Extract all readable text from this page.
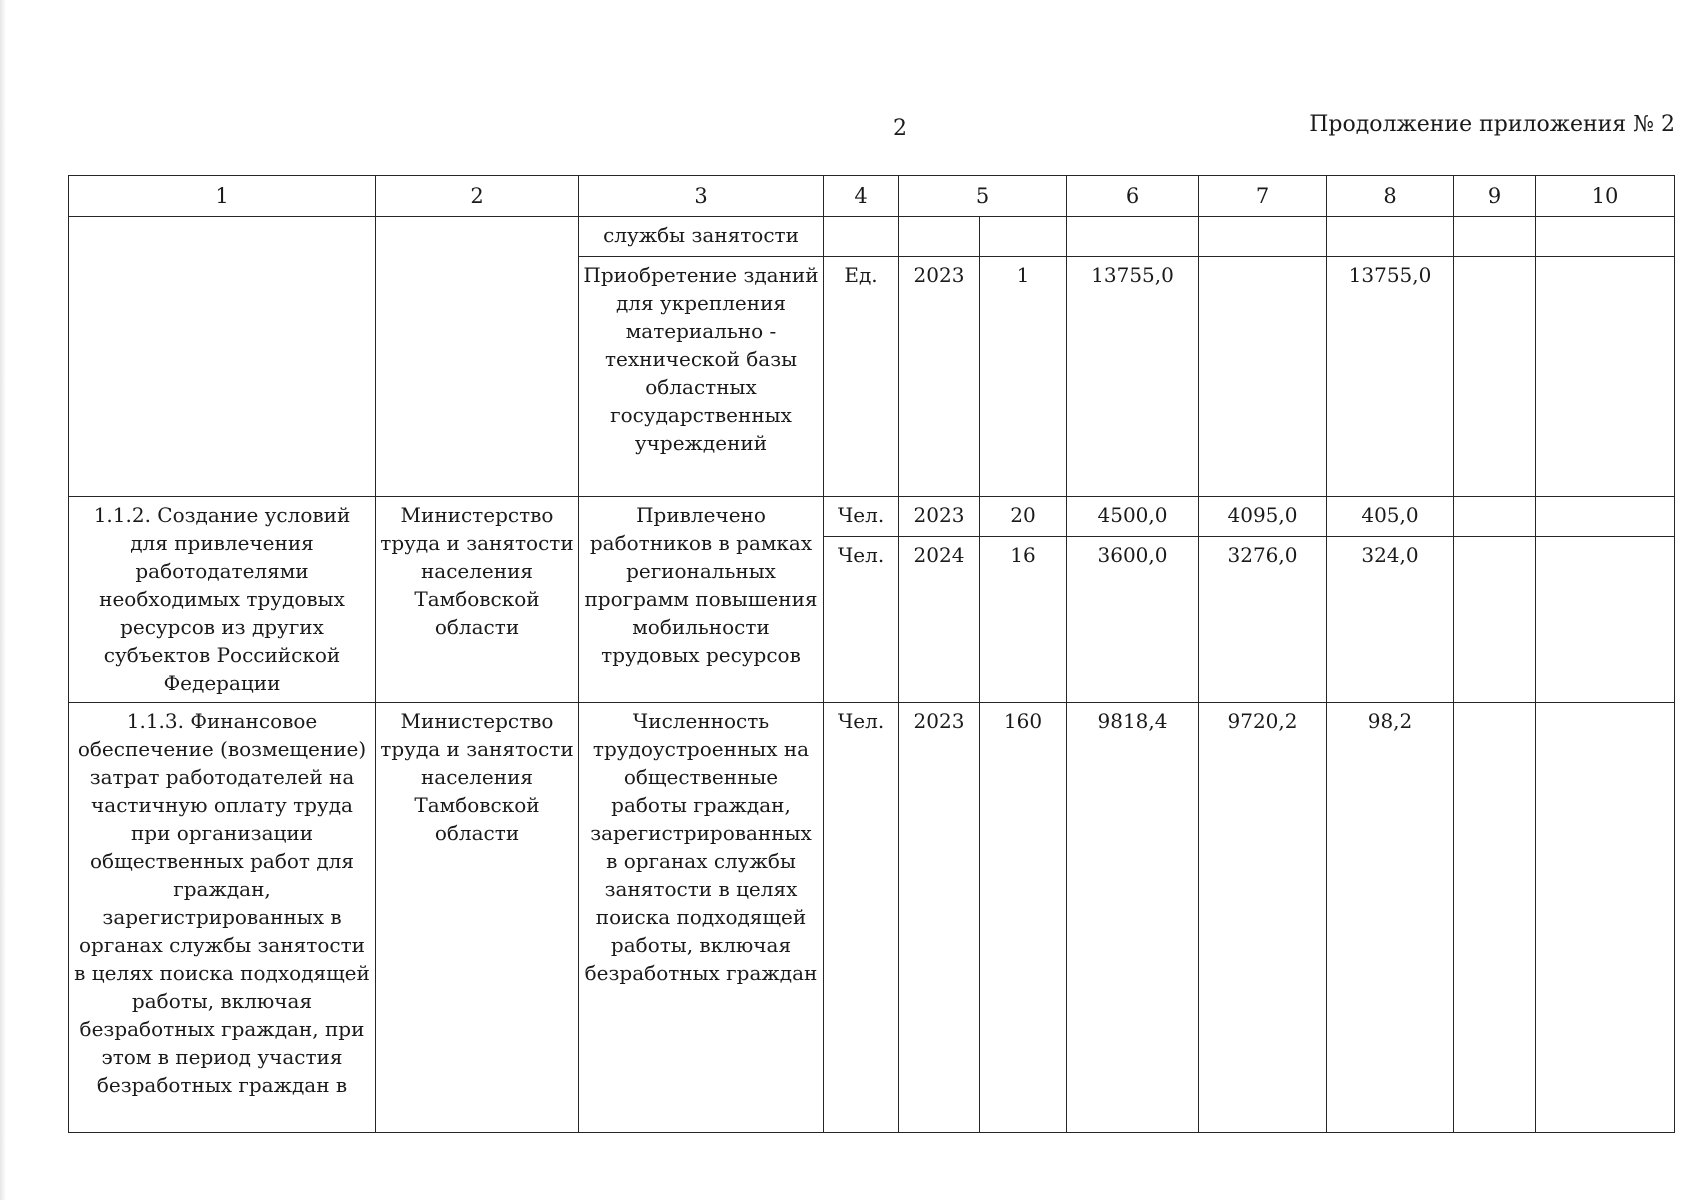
2	Продолжение приложения № 2
1	2	3	4	5		6	7	8	9	10
		службы занятости								
		Приобретение зданий для укрепления материально - технической базы областных государственных учреждений	Ед.	2023	1	13755,0		13755,0		
1.1.2. Создание условий для привлечения работодателями необходимых трудовых ресурсов из других субъектов Российской Федерации	Министерство труда и занятости населения Тамбовской области	Привлечено работников в рамках региональных программ повышения мобильности трудовых ресурсов	Чел.	2023	20	4500,0	4095,0	405,0		
			Чел.	2024	16	3600,0	3276,0	324,0		
1.1.3. Финансовое обеспечение (возмещение) затрат работодателей на частичную оплату труда при организации общественных работ для граждан, зарегистрированных в органах службы занятости в целях поиска подходящей работы, включая безработных граждан, при этом в период участия безработных граждан в	Министерство труда и занятости населения Тамбовской области	Численность трудоустроенных на общественные работы граждан, зарегистрированных в органах службы занятости в целях поиска подходящей работы, включая безработных граждан	Чел.	2023	160	9818,4	9720,2	98,2		
